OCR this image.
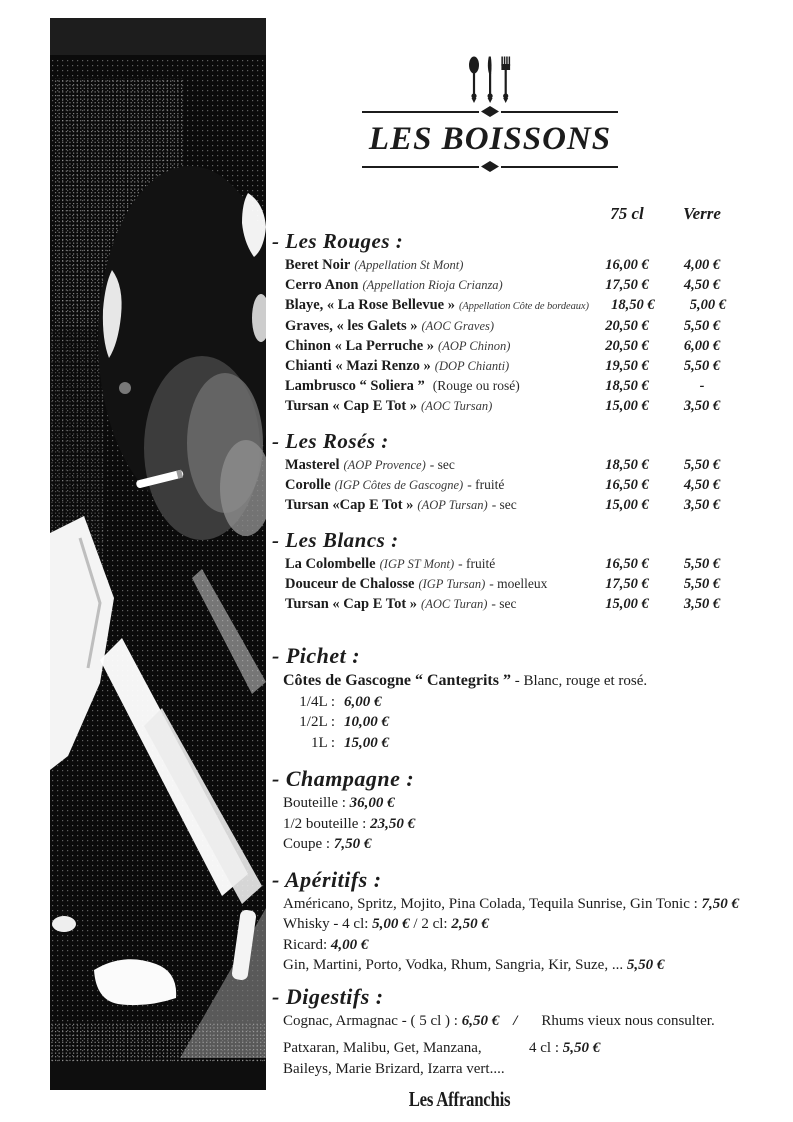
LES BOISSONS
75 cl	Verre
- Les Rouges :
Beret Noir (Appellation St Mont)	16,00 €	4,00 €
Cerro Anon (Appellation Rioja Crianza)	17,50 €	4,50 €
Blaye, « La Rose Bellevue » (Appellation Côte de bordeaux)	18,50 €	5,00 €
Graves, « les Galets » (AOC Graves)	20,50 €	5,50 €
Chinon « La Perruche » (AOP Chinon)	20,50 €	6,00 €
Chianti « Mazi Renzo » (DOP Chianti)	19,50 €	5,50 €
Lambrusco “ Soliera ” (Rouge ou rosé)	18,50 €	-
Tursan « Cap E Tot » (AOC Tursan)	15,00 €	3,50 €
- Les Rosés :
Masterel (AOP Provence) - sec	18,50 €	5,50 €
Corolle (IGP Côtes de Gascogne) - fruité	16,50 €	4,50 €
Tursan «Cap E Tot » (AOP Tursan) - sec	15,00 €	3,50 €
- Les Blancs :
La Colombelle (IGP ST Mont) - fruité	16,50 €	5,50 €
Douceur de Chalosse (IGP Tursan) - moelleux	17,50 €	5,50 €
Tursan « Cap E Tot » (AOC Turan) - sec	15,00 €	3,50 €
- Pichet :
Côtes de Gascogne “ Cantegrits ” - Blanc, rouge et rosé.
1/4L : 6,00 €
1/2L : 10,00 €
1L : 15,00 €
- Champagne :
Bouteille : 36,00 €
1/2 bouteille : 23,50 €
Coupe : 7,50 €
- Apéritifs :
Américano, Spritz, Mojito, Pina Colada, Tequila Sunrise, Gin Tonic : 7,50 €
Whisky - 4 cl: 5,00 € / 2 cl: 2,50 €
Ricard: 4,00 €
Gin, Martini, Porto, Vodka, Rhum, Sangria, Kir, Suze, ... 5,50 €
- Digestifs :
Cognac, Armagnac - ( 5 cl ) : 6,50 € / Rhums vieux nous consulter.
Patxaran, Malibu, Get, Manzana,
Baileys, Marie Brizard, Izarra vert....
4 cl : 5,50 €
Les Affranchis
